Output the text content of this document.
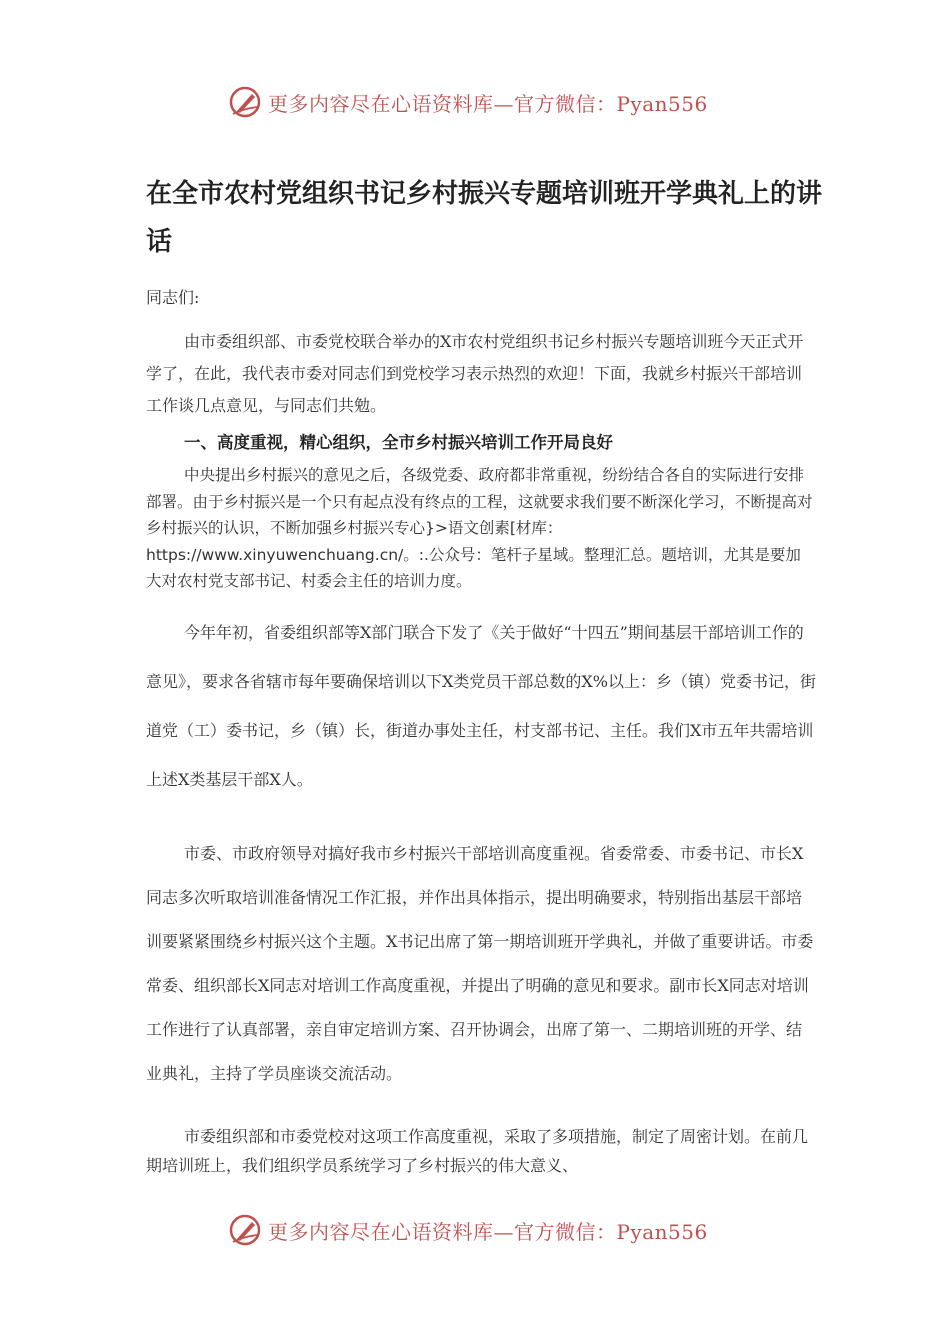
更多内容尽在心语资料库—官方微信：Pyan556
在全市农村党组织书记乡村振兴专题培训班开学典礼上的讲话
同志们:
由市委组织部、市委党校联合举办的X市农村党组织书记乡村振兴专题培训班今天正式开学了，在此，我代表市委对同志们到党校学习表示热烈的欢迎！下面，我就乡村振兴干部培训工作谈几点意见，与同志们共勉。
一、高度重视，精心组织，全市乡村振兴培训工作开局良好
中央提出乡村振兴的意见之后，各级党委、政府都非常重视，纷纷结合各自的实际进行安排部署。由于乡村振兴是一个只有起点没有终点的工程，这就要求我们要不断深化学习，不断提高对乡村振兴的认识，不断加强乡村振兴专心}>语文创素[材库：https://www.xinyuwenchuang.cn/。:.公众号：笔杆子星域。整理汇总。题培训，尤其是要加大对农村党支部书记、村委会主任的培训力度。
今年年初，省委组织部等X部门联合下发了《关于做好“十四五”期间基层干部培训工作的意见》，要求各省辖市每年要确保培训以下X类党员干部总数的X%以上：乡（镇）党委书记，街道党（工）委书记，乡（镇）长，街道办事处主任，村支部书记、主任。我们X市五年共需培训上述X类基层干部X人。
市委、市政府领导对搞好我市乡村振兴干部培训高度重视。省委常委、市委书记、市长X同志多次听取培训准备情况工作汇报，并作出具体指示，提出明确要求，特别指出基层干部培训要紧紧围绕乡村振兴这个主题。X书记出席了第一期培训班开学典礼，并做了重要讲话。市委常委、组织部长X同志对培训工作高度重视，并提出了明确的意见和要求。副市长X同志对培训工作进行了认真部署，亲自审定培训方案、召开协调会，出席了第一、二期培训班的开学、结业典礼，主持了学员座谈交流活动。
市委组织部和市委党校对这项工作高度重视，采取了多项措施，制定了周密计划。在前几期培训班上，我们组织学员系统学习了乡村振兴的伟大意义、
更多内容尽在心语资料库—官方微信：Pyan556
